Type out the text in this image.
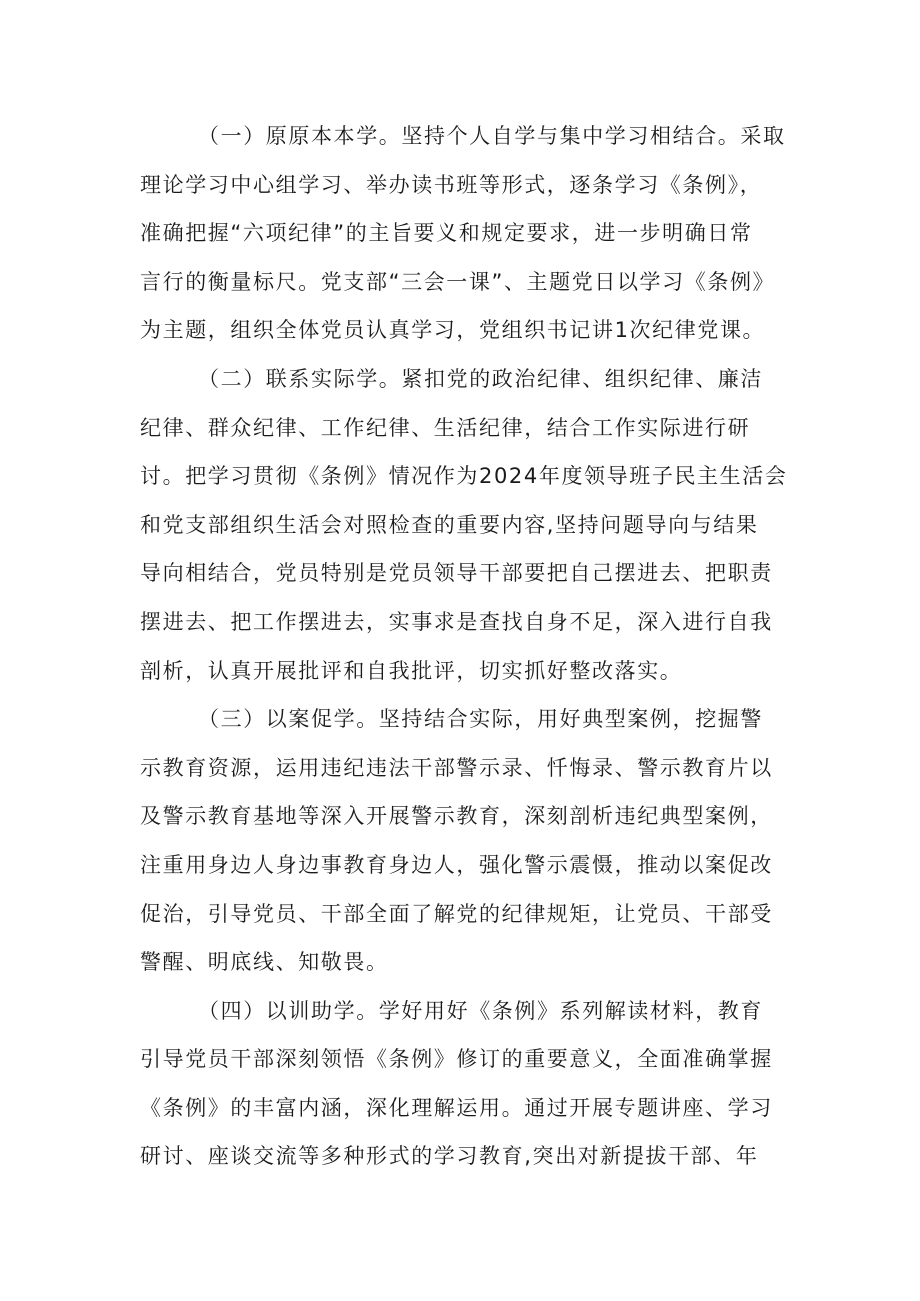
（一）原原本本学。坚持个人自学与集中学习相结合。采取
理论学习中心组学习、举办读书班等形式，逐条学习《条例》，
准确把握“六项纪律”的主旨要义和规定要求，进一步明确日常
言行的衡量标尺。党支部“三会一课”、主题党日以学习《条例》
为主题，组织全体党员认真学习，党组织书记讲1次纪律党课。
（二）联系实际学。紧扣党的政治纪律、组织纪律、廉洁
纪律、群众纪律、工作纪律、生活纪律，结合工作实际进行研
讨。把学习贯彻《条例》情况作为2024年度领导班子民主生活会
和党支部组织生活会对照检查的重要内容,坚持问题导向与结果
导向相结合，党员特别是党员领导干部要把自己摆进去、把职责
摆进去、把工作摆进去，实事求是查找自身不足，深入进行自我
剖析，认真开展批评和自我批评，切实抓好整改落实。
（三）以案促学。坚持结合实际，用好典型案例，挖掘警
示教育资源，运用违纪违法干部警示录、忏悔录、警示教育片以
及警示教育基地等深入开展警示教育，深刻剖析违纪典型案例，
注重用身边人身边事教育身边人，强化警示震慑，推动以案促改
促治，引导党员、干部全面了解党的纪律规矩，让党员、干部受
警醒、明底线、知敬畏。
（四）以训助学。学好用好《条例》系列解读材料，教育
引导党员干部深刻领悟《条例》修订的重要意义，全面准确掌握
《条例》的丰富内涵，深化理解运用。通过开展专题讲座、学习
研讨、座谈交流等多种形式的学习教育,突出对新提拔干部、年
